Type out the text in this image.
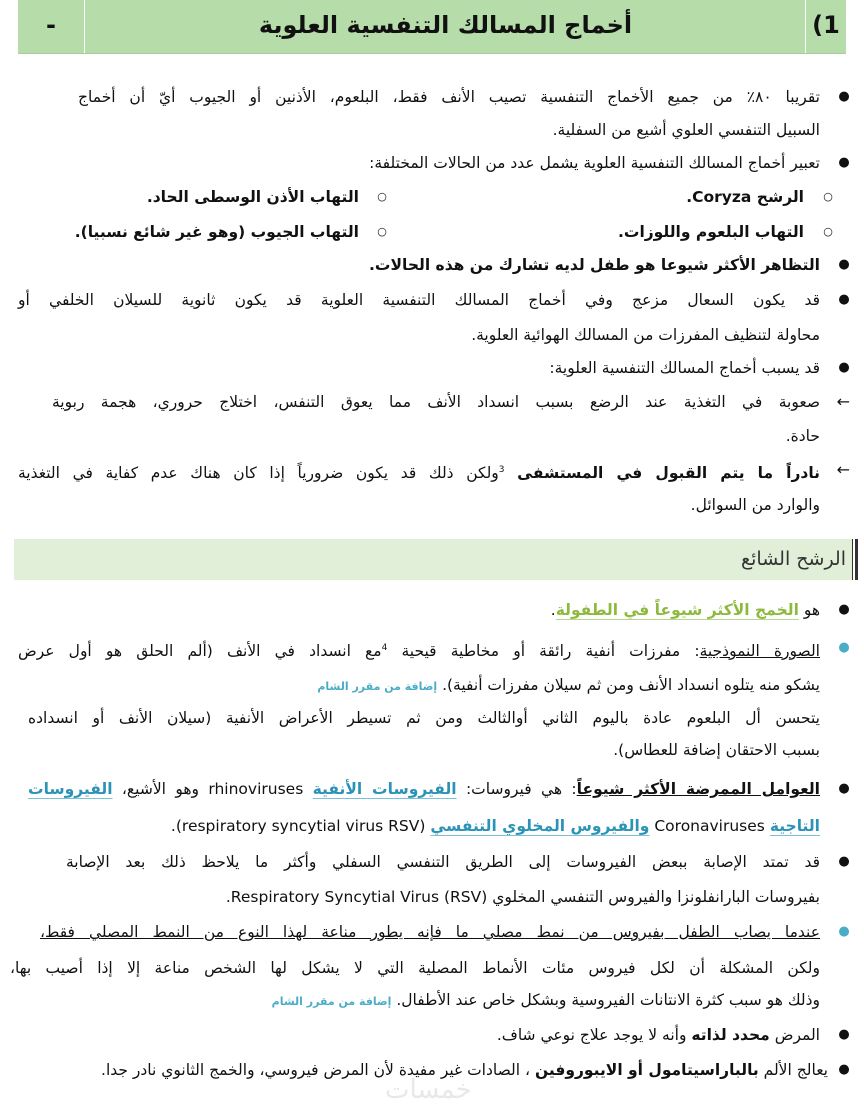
1)
أخماج المسالك التنفسية العلوية
-
●
تقريبا ٨٠٪ من جميع الأخماج التنفسية تصيب الأنف فقط، البلعوم، الأذنين أو الجيوب أيّ أن أخماج
السبيل التنفسي العلوي أشيع من السفلية.
●
تعبير أخماج المسالك التنفسية العلوية يشمل عدد من الحالات المختلفة:
○
الرشح Coryza.
○
التهاب الأذن الوسطى الحاد.
○
التهاب البلعوم واللوزات.
○
التهاب الجيوب (وهو غير شائع نسبيا).
●
التظاهر الأكثر شيوعا هو طفل لديه تشارك من هذه الحالات.
●
قد يكون السعال مزعج وفي أخماج المسالك التنفسية العلوية قد يكون ثانوية للسيلان الخلفي أو
محاولة لتنظيف المفرزات من المسالك الهوائية العلوية.
●
قد يسبب أخماج المسالك التنفسية العلوية:
←
صعوبة في التغذية عند الرضع بسبب انسداد الأنف مما يعوق التنفس، اختلاج حروري، هجمة ربوية
حادة.
←
نادراً ما يتم القبول في المستشفى $^3$ولكن ذلك قد يكون ضرورياً إذا كان هناك عدم كفاية في التغذية
والوارد من السوائل.
الرشح الشائع
●
هو الخمج الأكثر شيوعاً في الطفولة.
●
الصورة النموذجية: مفرزات أنفية رائقة أو مخاطية قيحية $^4$مع انسداد في الأنف (ألم الحلق هو أول عرض
يشكو منه يتلوه انسداد الأنف ومن ثم سيلان مفرزات أنفية). إضافة من مقرر الشام
يتحسن أل البلعوم عادة باليوم الثاني أوالثالث ومن ثم تسيطر الأعراض الأنفية (سيلان الأنف أو انسداده
بسبب الاحتقان إضافة للعطاس).
●
العوامل الممرضة الأكثر شيوعاً: هي فيروسات: الفيروسات الأنفية rhinoviruses وهو الأشيع، الفيروسات
التاجية Coronaviruses والفيروس المخلوي التنفسي (respiratory syncytial virus RSV).
●
قد تمتد الإصابة ببعض الفيروسات إلى الطريق التنفسي السفلي وأكثر ما يلاحظ ذلك بعد الإصابة
بفيروسات البارانفلونزا والفيروس التنفسي المخلوي (Respiratory Syncytial Virus (RSV.
●
عندما يصاب الطفل بفيروس من نمط مصلي ما فإنه يطور مناعة لهذا النوع من النمط المصلي فقط،
ولكن المشكلة أن لكل فيروس مئات الأنماط المصلية التي لا يشكل لها الشخص مناعة إلا إذا أصيب بها،
وذلك هو سبب كثرة الانتانات الفيروسية وبشكل خاص عند الأطفال. إضافة من مقرر الشام
●
المرض محدد لذاته وأنه لا يوجد علاج نوعي شاف.
●
يعالج الألم بالباراسيتامول أو الايبوروفين ، الصادات غير مفيدة لأن المرض فيروسي، والخمج الثانوي نادر جدا.
خمسات
